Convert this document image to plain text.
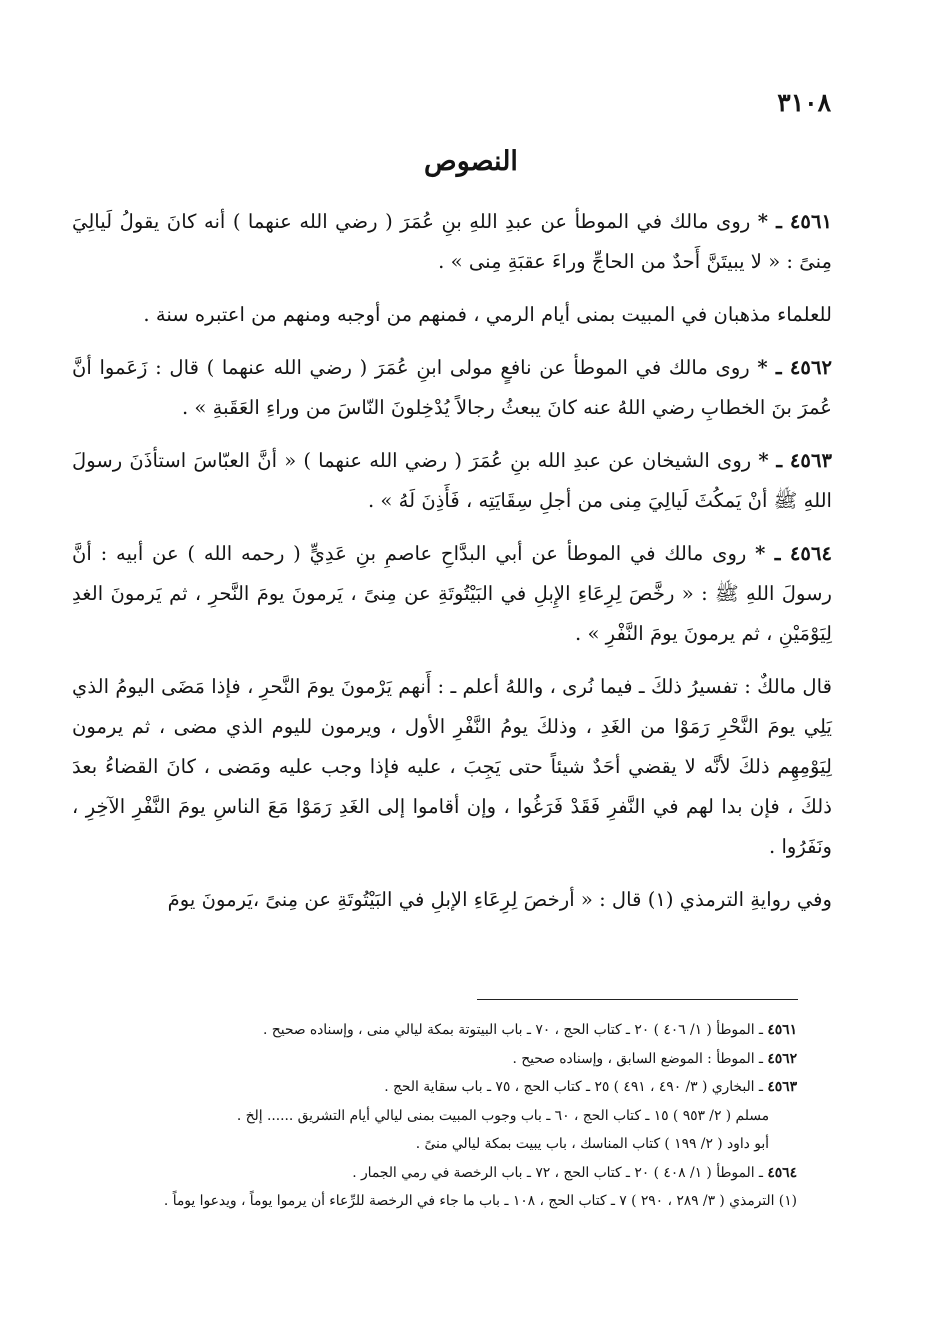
٣١٠٨
النصوص

٤٥٦١ ـ * روى مالك في الموطأ عن عبدِ اللهِ بنِ عُمَرَ ( رضي الله عنهما ) أنه كانَ يقولُ لَيالِيَ مِنىً : « لا يبيتَنَّ أَحدٌ من الحاجِّ وراءَ عقبَةِ مِنى » .

للعلماء مذهبان في المبيت بمنى أيام الرمي ، فمنهم من أوجبه ومنهم من اعتبره سنة .

٤٥٦٢ ـ * روى مالك في الموطأ عن نافعٍ مولى ابنِ عُمَرَ ( رضي الله عنهما ) قال : زَعَموا أنَّ عُمرَ بنَ الخطابِ رضي اللهُ عنه كانَ يبعثُ رجالاً يُدْخِلونَ النّاسَ من وراءِ العَقَبةِ » .

٤٥٦٣ ـ * روى الشيخان عن عبدِ الله بنِ عُمَرَ ( رضي الله عنهما ) « أنَّ العبّاسَ استأذَنَ رسولَ اللهِ ﷺ أنْ يَمكُثَ لَيالِيَ مِنى من أجلِ سِقَايَتِه ، فَأَذِنَ لَهُ » .

٤٥٦٤ ـ * روى مالك في الموطأ عن أبي البدَّاحِ عاصمِ بنِ عَدِيٍّ ( رحمه الله ) عن أبيه : أنَّ رسولَ اللهِ ﷺ : « رخَّصَ لِرِعَاءِ الإِبلِ في البَيْتُوتَةِ عن مِنىً ، يَرمونَ يومَ النَّحرِ ، ثم يَرمونَ الغدِ لِيَوْمَيْنِ ، ثم يرمونَ يومَ النَّفْرِ » .

قال مالكٌ : تفسيرُ ذلكَ ـ فيما نُرى ، واللهُ أعلم ـ : أَنهم يَرْمونَ يومَ النَّحرِ ، فإذا مَضَى اليومُ الذي يَلِي يومَ النَّحْرِ رَمَوْا من الغَدِ ، وذلكَ يومُ النَّفْرِ الأول ، ويرمون لليوم الذي مضى ، ثم يرمون لِيَوْمِهِم ذلكَ لأنَّه لا يقضي أحَدٌ شيئاً حتى يَجِبَ ، عليه فإذا وجب عليه ومَضى ، كانَ القضاءُ بعدَ ذلكَ ، فإن بدا لهم في النَّفرِ فَقَدْ فَرَغُوا ، وإن أقاموا إلى الغَدِ رَمَوْا مَعَ الناسِ يومَ النَّفْرِ الآخِرِ ، ونَفَرُوا .

وفي روايةِ الترمذي (١) قال : « أرخصَ لِرِعَاءِ الإبلِ في البَيْتُوتَةِ عن مِنىً ،يَرمونَ يومَ

٤٥٦١ ـ الموطأ ( ١/ ٤٠٦ ) ٢٠ ـ كتاب الحج ، ٧٠ ـ باب البيتوتة بمكة ليالي منى ، وإسناده صحيح .

٤٥٦٢ ـ الموطأ : الموضع السابق ، وإسناده صحيح .

٤٥٦٣ ـ البخاري ( ٣/ ٤٩٠ ، ٤٩١ ) ٢٥ ـ كتاب الحج ، ٧٥ ـ باب سقاية الحج .

مسلم ( ٢/ ٩٥٣ ) ١٥ ـ كتاب الحج ، ٦٠ ـ باب وجوب المبيت بمنى ليالي أيام التشريق ...... إلخ .

أبو داود ( ٢/ ١٩٩ ) كتاب المناسك ، باب يبيت بمكة ليالي منىً .

٤٥٦٤ ـ الموطأ ( ١/ ٤٠٨ ) ٢٠ ـ كتاب الحج ، ٧٢ ـ باب الرخصة في رمي الجمار .

(١) الترمذي ( ٣/ ٢٨٩ ، ٢٩٠ ) ٧ ـ كتاب الحج ، ١٠٨ ـ باب ما جاء في الرخصة للرِّعاء أن يرموا يوماً ، ويدعوا يوماً .
